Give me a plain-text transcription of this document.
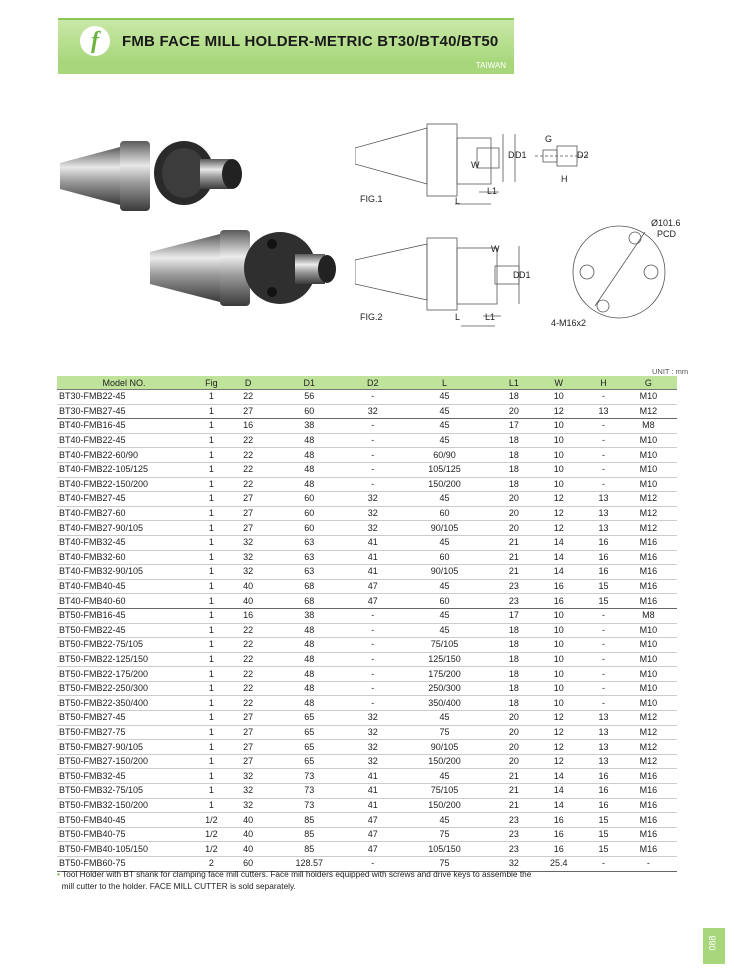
f	FMB FACE MILL HOLDER-METRIC BT30/BT40/BT50
TAIWAN
FIG.1
D D1
W
L
L1
G
D2
H
FIG.2
W
D D1
L	L1
Ø101.6
PCD
4-M16x2
UNIT : mm
Model NO.	Fig	D	D1	D2	L	L1	W	H	G
BT30-FMB22-45	1	22	56	-	45	18	10	-	M10
BT30-FMB27-45	1	27	60	32	45	20	12	13	M12
BT40-FMB16-45	1	16	38	-	45	17	10	-	M8
BT40-FMB22-45	1	22	48	-	45	18	10	-	M10
BT40-FMB22-60/90	1	22	48	-	60/90	18	10	-	M10
BT40-FMB22-105/125	1	22	48	-	105/125	18	10	-	M10
BT40-FMB22-150/200	1	22	48	-	150/200	18	10	-	M10
BT40-FMB27-45	1	27	60	32	45	20	12	13	M12
BT40-FMB27-60	1	27	60	32	60	20	12	13	M12
BT40-FMB27-90/105	1	27	60	32	90/105	20	12	13	M12
BT40-FMB32-45	1	32	63	41	45	21	14	16	M16
BT40-FMB32-60	1	32	63	41	60	21	14	16	M16
BT40-FMB32-90/105	1	32	63	41	90/105	21	14	16	M16
BT40-FMB40-45	1	40	68	47	45	23	16	15	M16
BT40-FMB40-60	1	40	68	47	60	23	16	15	M16
BT50-FMB16-45	1	16	38	-	45	17	10	-	M8
BT50-FMB22-45	1	22	48	-	45	18	10	-	M10
BT50-FMB22-75/105	1	22	48	-	75/105	18	10	-	M10
BT50-FMB22-125/150	1	22	48	-	125/150	18	10	-	M10
BT50-FMB22-175/200	1	22	48	-	175/200	18	10	-	M10
BT50-FMB22-250/300	1	22	48	-	250/300	18	10	-	M10
BT50-FMB22-350/400	1	22	48	-	350/400	18	10	-	M10
BT50-FMB27-45	1	27	65	32	45	20	12	13	M12
BT50-FMB27-75	1	27	65	32	75	20	12	13	M12
BT50-FMB27-90/105	1	27	65	32	90/105	20	12	13	M12
BT50-FMB27-150/200	1	27	65	32	150/200	20	12	13	M12
BT50-FMB32-45	1	32	73	41	45	21	14	16	M16
BT50-FMB32-75/105	1	32	73	41	75/105	21	14	16	M16
BT50-FMB32-150/200	1	32	73	41	150/200	21	14	16	M16
BT50-FMB40-45	1/2	40	85	47	45	23	16	15	M16
BT50-FMB40-75	1/2	40	85	47	75	23	16	15	M16
BT50-FMB40-105/150	1/2	40	85	47	105/150	23	16	15	M16
BT50-FMB60-75	2	60	128.57	-	75	32	25.4	-	-
• Tool Holder with BT shank for clamping face mill cutters. Face mill holders equipped with screws and drive keys to assemble the
mill cutter to the holder. FACE MILL CUTTER is sold separately.
088
